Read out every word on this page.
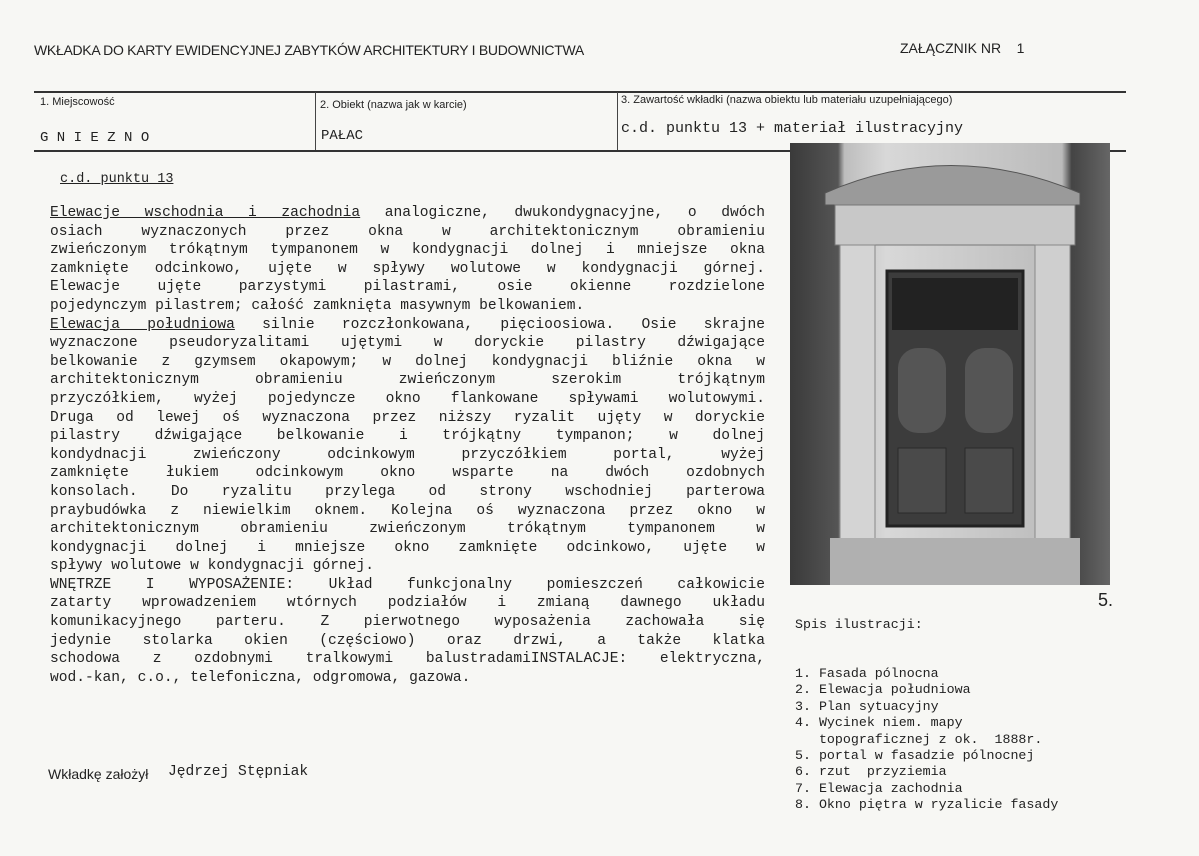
WKŁADKA DO KARTY EWIDENCYJNEJ ZABYTKÓW ARCHITEKTURY I BUDOWNICTWA	ZAŁĄCZNIK NR    1
1. Miejscowość	2. Obiekt (nazwa jak w karcie)	3. Zawartość wkładki (nazwa obiektu lub materiału uzupełniającego)
G N I E Z N O	PAŁAC	c.d. punktu 13 + materiał ilustracyjny
c.d. punktu 13
Elewacje wschodnia i zachodnia analogiczne, dwukondygnacyjne, o dwóch
osiach wyznaczonych przez okna w architektonicznym obramieniu
zwieńczonym trókątnym tympanonem w kondygnacji dolnej i mniejsze okna
zamknięte odcinkowo, ujęte w spływy wolutowe w kondygnacji górnej.
Elewacje ujęte parzystymi pilastrami, osie okienne rozdzielone
pojedynczym pilastrem; całość zamknięta masywnym belkowaniem.
Elewacja południowa silnie rozczłonkowana, pięcioosiowa. Osie skrajne
wyznaczone pseudoryzalitami ujętymi w doryckie pilastry dźwigające
belkowanie z gzymsem okapowym; w dolnej kondygnacji bliźnie okna w
architektonicznym obramieniu zwieńczonym szerokim trójkątnym
przyczółkiem, wyżej pojedyncze okno flankowane spływami wolutowymi.
Druga od lewej oś wyznaczona przez niższy ryzalit ujęty w doryckie
pilastry dźwigające belkowanie i trójkątny tympanon; w dolnej
kondydnacji zwieńczony odcinkowym przyczółkiem portal, wyżej
zamknięte łukiem odcinkowym okno wsparte na dwóch ozdobnych
konsolach. Do ryzalitu przylega od strony wschodniej parterowa
praybudówka z niewielkim oknem. Kolejna oś wyznaczona przez okno w
architektonicznym obramieniu zwieńczonym trókątnym tympanonem w
kondygnacji dolnej i mniejsze okno zamknięte odcinkowo, ujęte w
spływy wolutowe w kondygnacji górnej.
WNĘTRZE I WYPOSAŻENIE: Układ funkcjonalny pomieszczeń całkowicie
zatarty wprowadzeniem wtórnych podziałów i zmianą dawnego układu
komunikacyjnego parteru. Z pierwotnego wyposażenia zachowała się
jedynie stolarka okien (częściowo) oraz drzwi, a także klatka
schodowa z ozdobnymi tralkowymi balustradamiINSTALACJE: elektryczna,
wod.-kan, c.o., telefoniczna, odgromowa, gazowa.

Spis ilustracji:

1. Fasada pólnocna
2. Elewacja południowa
3. Plan sytuacyjny
4. Wycinek niem. mapy
topograficznej z ok.  1888r.
5. portal w fasadzie pólnocnej
6. rzut  przyziemia
7. Elewacja zachodnia
8. Okno piętra w ryzalicie fasady

5.
Wkładkę założył Jędrzej Stępniak
